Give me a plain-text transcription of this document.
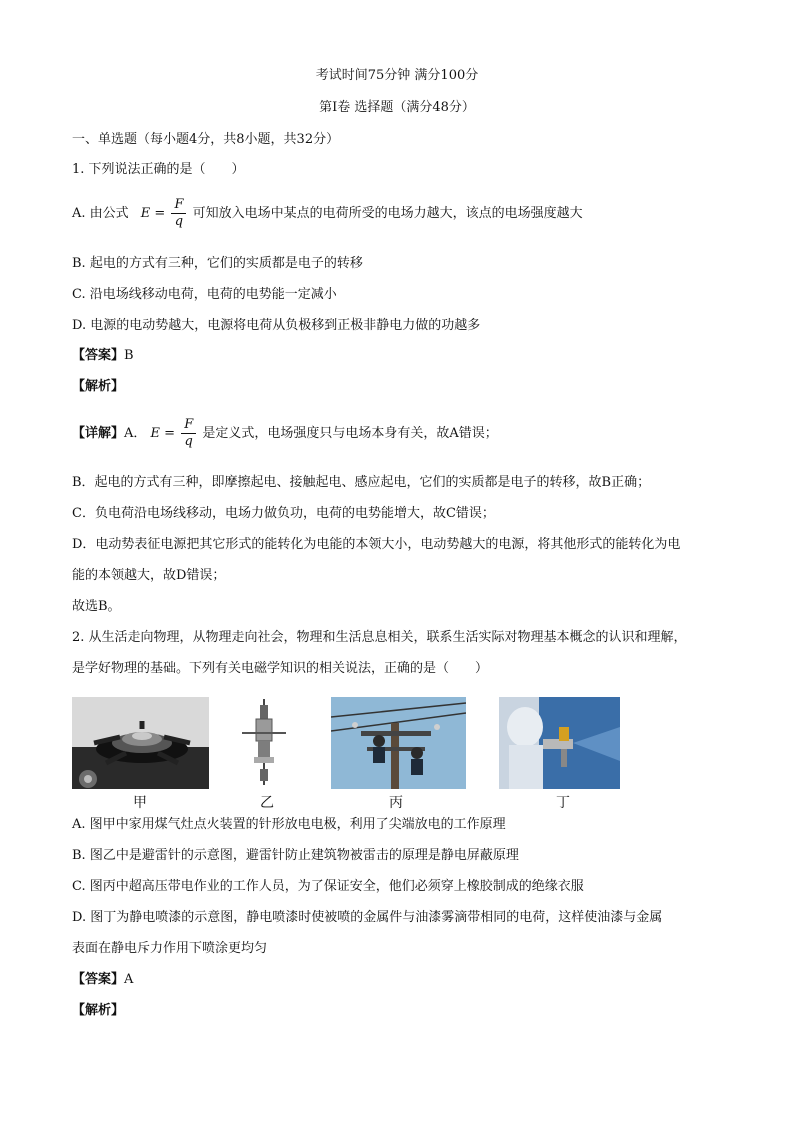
考试时间75分钟 满分100分
第Ⅰ卷 选择题（满分48分）
一、单选题（每小题4分，共8小题，共32分）
1. 下列说法正确的是（　　）
A. 由公式 $E = \frac{F}{q}$ 可知放入电场中某点的电荷所受的电场力越大，该点的电场强度越大
B. 起电的方式有三种，它们的实质都是电子的转移
C. 沿电场线移动电荷，电荷的电势能一定减小
D. 电源的电动势越大，电源将电荷从负极移到正极非静电力做的功越多
【答案】B
【解析】
【详解】A． $E = \frac{F}{q}$ 是定义式，电场强度只与电场本身有关，故A错误；
B．起电的方式有三种，即摩擦起电、接触起电、感应起电，它们的实质都是电子的转移，故B正确；
C．负电荷沿电场线移动，电场力做负功，电荷的电势能增大，故C错误；
D．电动势表征电源把其它形式的能转化为电能的本领大小，电动势越大的电源，将其他形式的能转化为电
能的本领越大，故D错误；
故选B。
2. 从生活走向物理，从物理走向社会，物理和生活息息相关，联系生活实际对物理基本概念的认识和理解，
是学好物理的基础。下列有关电磁学知识的相关说法，正确的是（　　）
甲	乙	丙	丁
A. 图甲中家用煤气灶点火装置的针形放电电极，利用了尖端放电的工作原理
B. 图乙中是避雷针的示意图，避雷针防止建筑物被雷击的原理是静电屏蔽原理
C. 图丙中超高压带电作业的工作人员，为了保证安全，他们必须穿上橡胶制成的绝缘衣服
D. 图丁为静电喷漆的示意图，静电喷漆时使被喷的金属件与油漆雾滴带相同的电荷，这样使油漆与金属
表面在静电斥力作用下喷涂更均匀
【答案】A
【解析】
